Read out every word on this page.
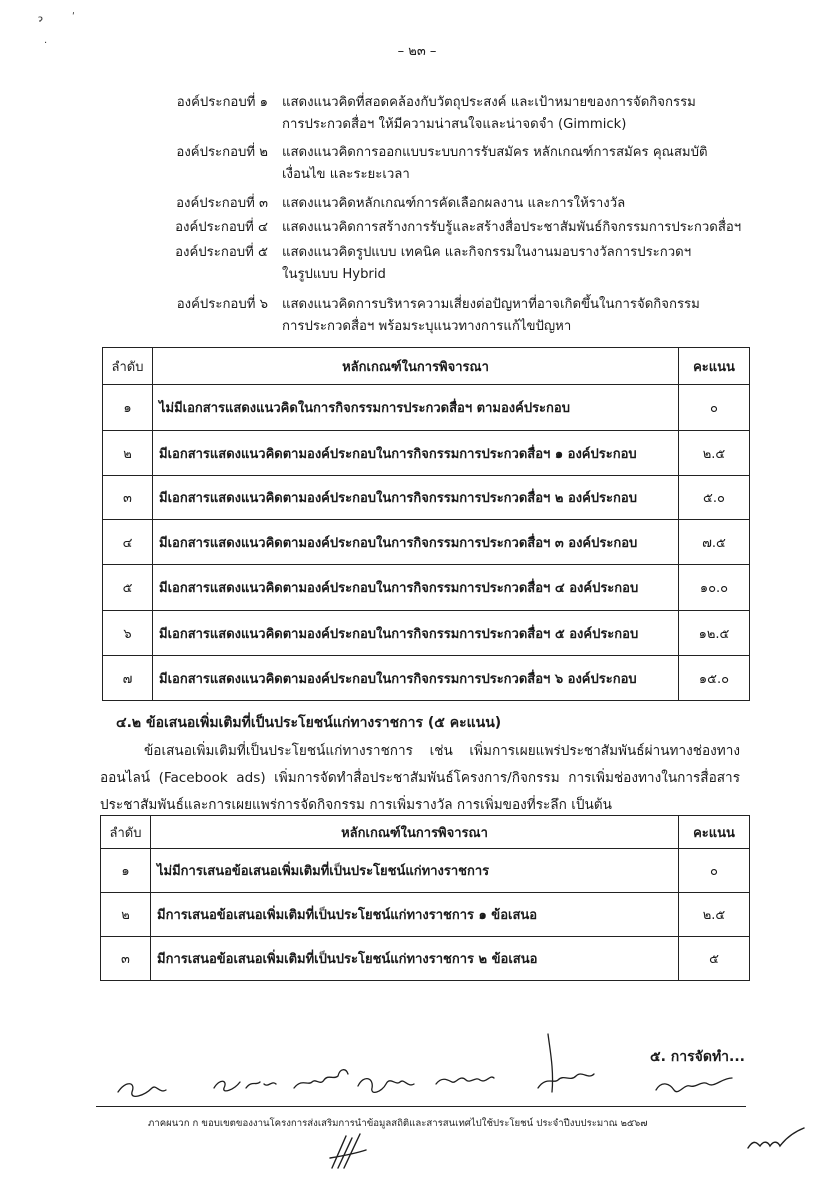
ɂ	ʹ
·
– ๒๓ –
องค์ประกอบที่ ๑ แสดงแนวคิดที่สอดคล้องกับวัตถุประสงค์ และเป้าหมายของการจัดกิจกรรม
การประกวดสื่อฯ ให้มีความน่าสนใจและน่าจดจำ (Gimmick)
องค์ประกอบที่ ๒ แสดงแนวคิดการออกแบบระบบการรับสมัคร หลักเกณฑ์การสมัคร คุณสมบัติ
เงื่อนไข และระยะเวลา
องค์ประกอบที่ ๓ แสดงแนวคิดหลักเกณฑ์การคัดเลือกผลงาน และการให้รางวัล
องค์ประกอบที่ ๔ แสดงแนวคิดการสร้างการรับรู้และสร้างสื่อประชาสัมพันธ์กิจกรรมการประกวดสื่อฯ
องค์ประกอบที่ ๕ แสดงแนวคิดรูปแบบ เทคนิค และกิจกรรมในงานมอบรางวัลการประกวดฯ
ในรูปแบบ Hybrid
องค์ประกอบที่ ๖ แสดงแนวคิดการบริหารความเสี่ยงต่อปัญหาที่อาจเกิดขึ้นในการจัดกิจกรรม
การประกวดสื่อฯ พร้อมระบุแนวทางการแก้ไขปัญหา
ลำดับ	หลักเกณฑ์ในการพิจารณา	คะแนน
๑	ไม่มีเอกสารแสดงแนวคิดในการกิจกรรมการประกวดสื่อฯ ตามองค์ประกอบ	๐
๒	มีเอกสารแสดงแนวคิดตามองค์ประกอบในการกิจกรรมการประกวดสื่อฯ ๑ องค์ประกอบ	๒.๕
๓	มีเอกสารแสดงแนวคิดตามองค์ประกอบในการกิจกรรมการประกวดสื่อฯ ๒ องค์ประกอบ	๕.๐
๔	มีเอกสารแสดงแนวคิดตามองค์ประกอบในการกิจกรรมการประกวดสื่อฯ ๓ องค์ประกอบ	๗.๕
๕	มีเอกสารแสดงแนวคิดตามองค์ประกอบในการกิจกรรมการประกวดสื่อฯ ๔ องค์ประกอบ	๑๐.๐
๖	มีเอกสารแสดงแนวคิดตามองค์ประกอบในการกิจกรรมการประกวดสื่อฯ ๕ องค์ประกอบ	๑๒.๕
๗	มีเอกสารแสดงแนวคิดตามองค์ประกอบในการกิจกรรมการประกวดสื่อฯ ๖ องค์ประกอบ	๑๕.๐
๔.๒ ข้อเสนอเพิ่มเติมที่เป็นประโยชน์แก่ทางราชการ (๕ คะแนน)
ข้อเสนอเพิ่มเติมที่เป็นประโยชน์แก่ทางราชการ เช่น เพิ่มการเผยแพร่ประชาสัมพันธ์ผ่านทางช่องทางออนไลน์ (Facebook ads) เพิ่มการจัดทำสื่อประชาสัมพันธ์โครงการ/กิจกรรม การเพิ่มช่องทางในการสื่อสารประชาสัมพันธ์และการเผยแพร่การจัดกิจกรรม การเพิ่มรางวัล การเพิ่มของที่ระลึก เป็นต้น
ลำดับ	หลักเกณฑ์ในการพิจารณา	คะแนน
๑	ไม่มีการเสนอข้อเสนอเพิ่มเติมที่เป็นประโยชน์แก่ทางราชการ	๐
๒	มีการเสนอข้อเสนอเพิ่มเติมที่เป็นประโยชน์แก่ทางราชการ ๑ ข้อเสนอ	๒.๕
๓	มีการเสนอข้อเสนอเพิ่มเติมที่เป็นประโยชน์แก่ทางราชการ ๒ ข้อเสนอ	๕
๕. การจัดทำ...
ภาคผนวก ก ขอบเขตของงานโครงการส่งเสริมการนำข้อมูลสถิติและสารสนเทศไปใช้ประโยชน์ ประจำปีงบประมาณ ๒๕๖๗
